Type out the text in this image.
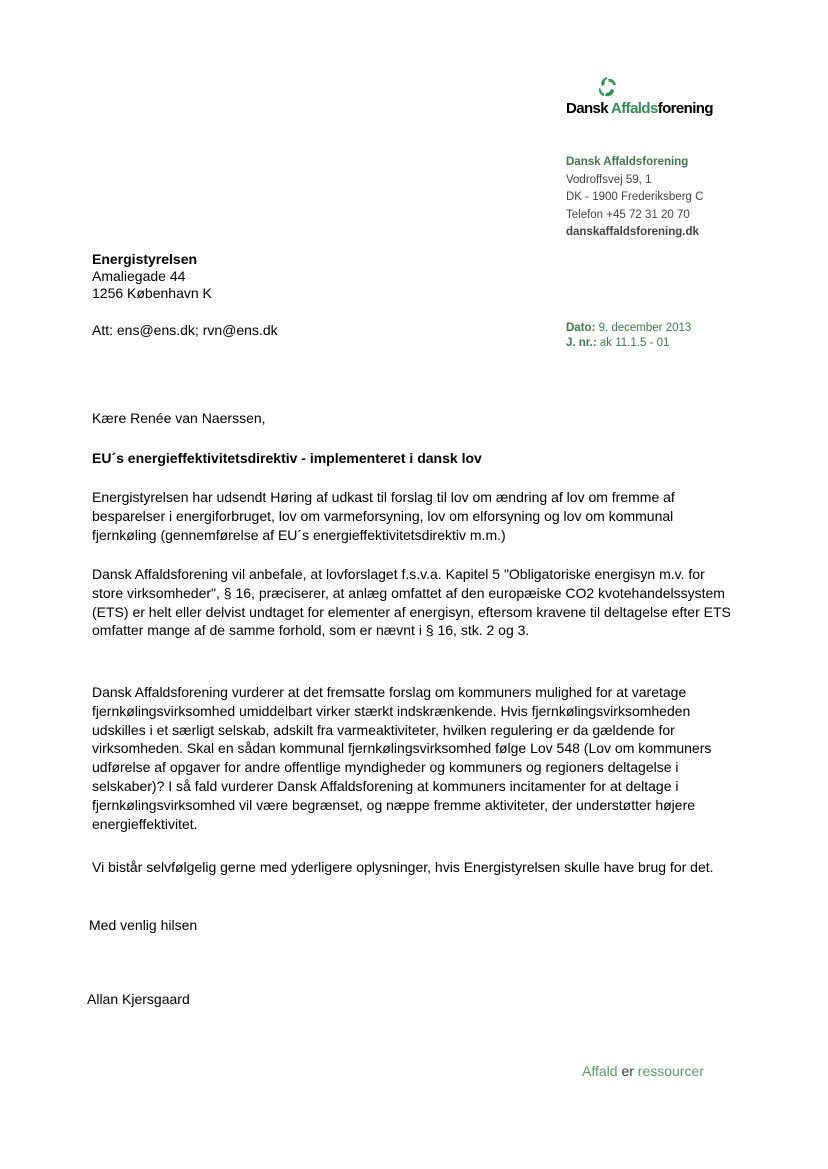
Dansk Affaldsforening
Dansk Affaldsforening
Vodroffsvej 59, 1
DK - 1900 Frederiksberg C
Telefon +45 72 31 20 70
danskaffaldsforening.dk
Energistyrelsen
Amaliegade 44
1256 København K
Att: ens@ens.dk; rvn@ens.dk	Dato: 9. december 2013
J. nr.: ak 11.1.5 - 01
Kære Renée van Naerssen,
EU´s energieffektivitetsdirektiv - implementeret i dansk lov
Energistyrelsen har udsendt Høring af udkast til forslag til lov om ændring af lov om fremme af besparelser i energiforbruget, lov om varmeforsyning, lov om elforsyning og lov om kommunal fjernkøling (gennemførelse af EU´s energieffektivitetsdirektiv m.m.)
Dansk Affaldsforening vil anbefale, at lovforslaget f.s.v.a. Kapitel 5 "Obligatoriske energisyn m.v. for store virksomheder", § 16, præciserer, at anlæg omfattet af den europæiske CO2 kvotehandelssystem (ETS) er helt eller delvist undtaget for elementer af energisyn, eftersom kravene til deltagelse efter ETS omfatter mange af de samme forhold, som er nævnt i § 16, stk. 2 og 3.
Dansk Affaldsforening vurderer at det fremsatte forslag om kommuners mulighed for at varetage fjernkølingsvirksomhed umiddelbart virker stærkt indskrænkende. Hvis fjernkølingsvirksomheden udskilles i et særligt selskab, adskilt fra varmeaktiviteter, hvilken regulering er da gældende for virksomheden. Skal en sådan kommunal fjernkølingsvirksomhed følge Lov 548 (Lov om kommuners udførelse af opgaver for andre offentlige myndigheder og kommuners og regioners deltagelse i selskaber)? I så fald vurderer Dansk Affaldsforening at kommuners incitamenter for at deltage i fjernkølingsvirksomhed vil være begrænset, og næppe fremme aktiviteter, der understøtter højere energieffektivitet.
Vi bistår selvfølgelig gerne med yderligere oplysninger, hvis Energistyrelsen skulle have brug for det.
Med venlig hilsen
Allan Kjersgaard
Affald er ressourcer
